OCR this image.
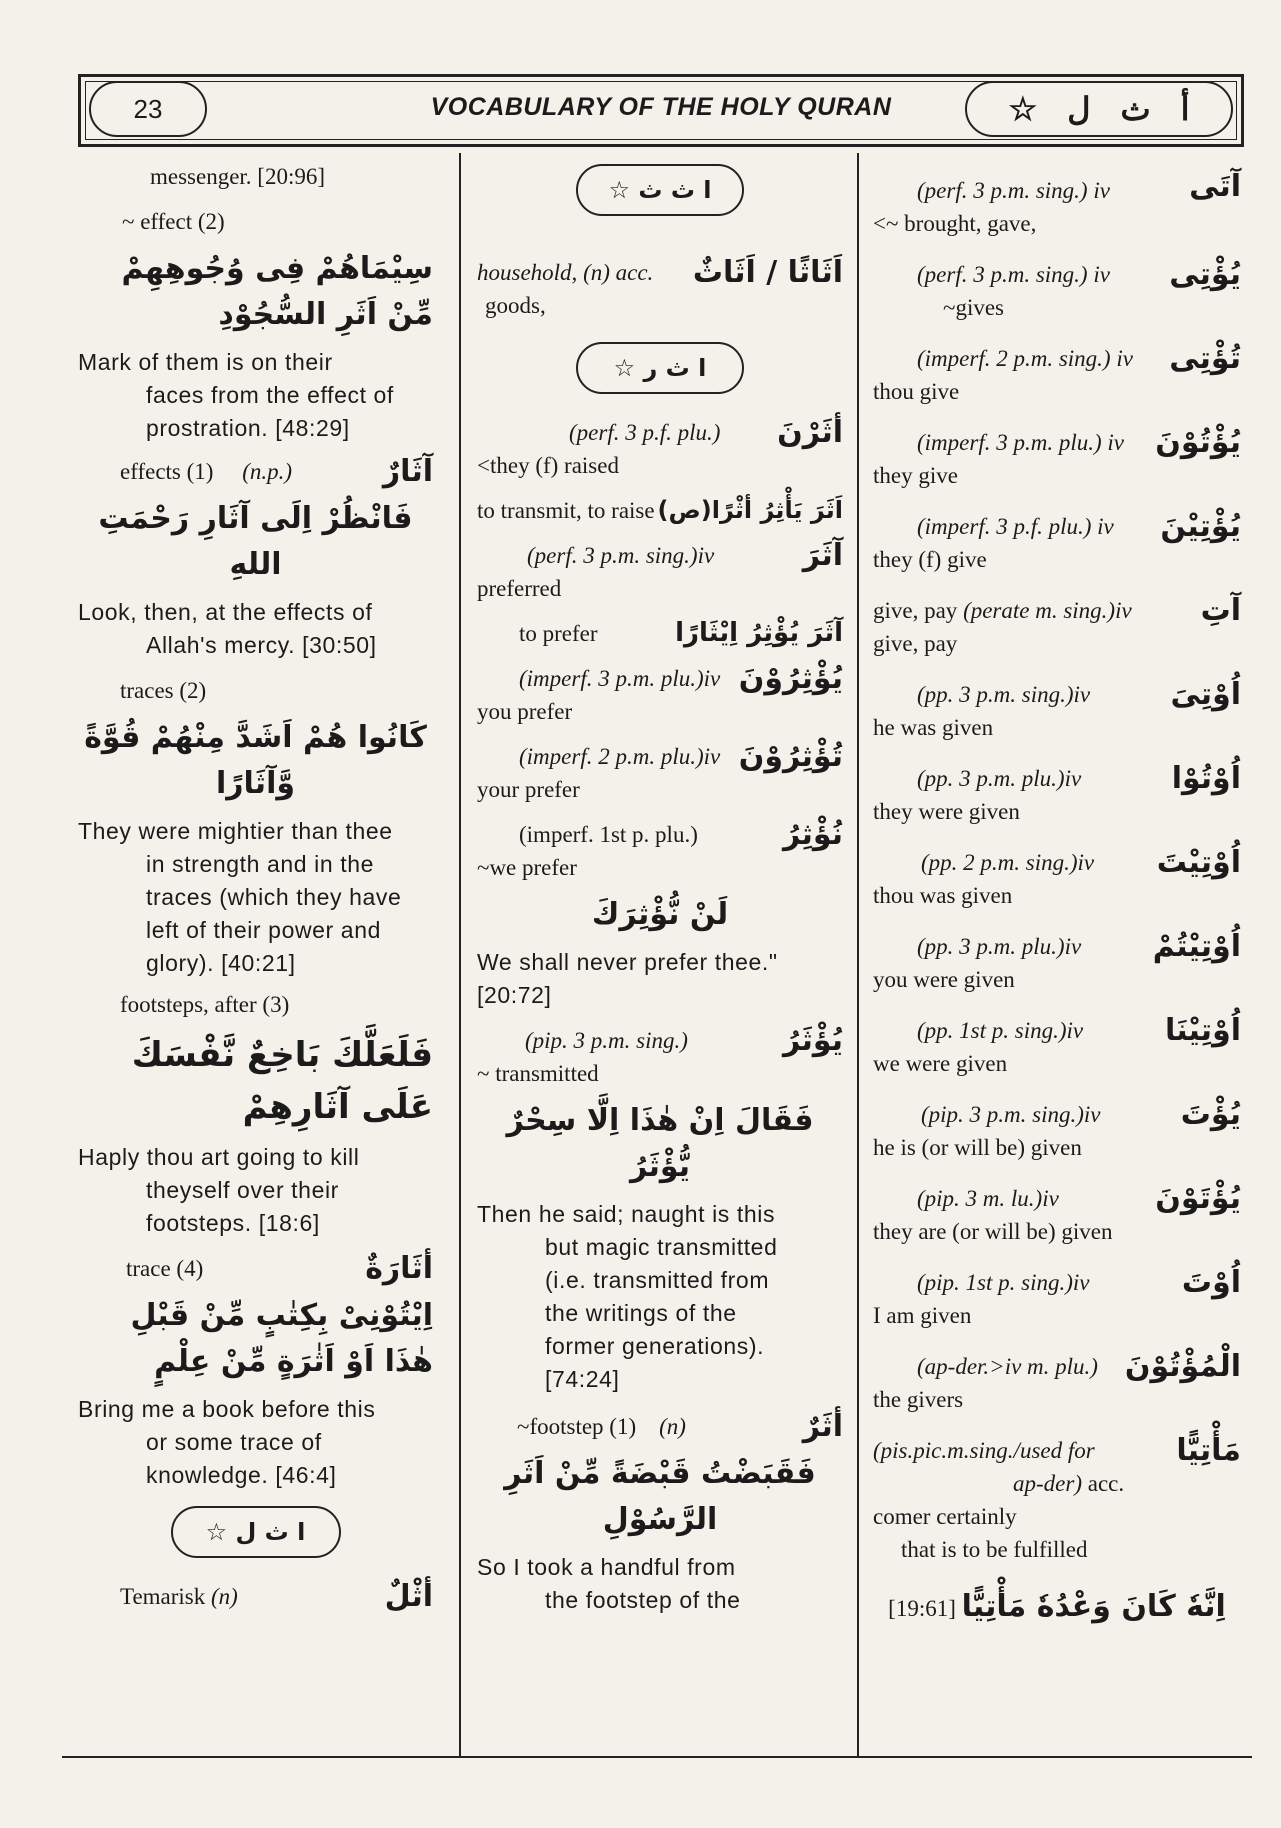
23	VOCABULARY OF THE HOLY QURAN	أ
ث
ل
☆
messenger. [20:96]
~ effect (2)
سِيْمَاهُمْ فِى وُجُوهِهِمْ مِّنْ اَثَرِ السُّجُوْدِ
Mark of them is on their
faces from the effect of
prostration. [48:29]
effects (1) (n.p.)	آثَارٌ
فَانْظُرْ اِلَى آثَارِ رَحْمَتِ اللهِ
Look, then, at the effects of
Allah's mercy. [30:50]
traces (2)
كَانُوا هُمْ اَشَدَّ مِنْهُمْ قُوَّةً وَّآثَارًا
They were mightier than thee
in strength and in the
traces (which they have
left of their power and
glory). [40:21]
footsteps, after (3)
فَلَعَلَّكَ بَاخِعٌ نَّفْسَكَ عَلَى آثَارِهِمْ
Haply thou art going to kill
theyself over their
footsteps. [18:6]
trace (4)	أثَارَةٌ
اِيْتُوْنِىْ بِكِتٰبٍ مِّنْ قَبْلِ هٰذَا اَوْ اَثٰرَةٍ مِّنْ عِلْمٍ
Bring me a book before this
or some trace of
knowledge. [46:4]
ا ث ل ☆
Temarisk (n)	أثْلٌ
ا ث ث ☆
household, (n) acc.
goods,
اَثَاثًا / اَثَاثٌ
ا ث ر ☆
(perf. 3 p.f. plu.)
<they (f) raised
أثَرْنَ
to transmit, to raise اَثَرَ يَأْثِرُ أثْرًا(ص)
(perf. 3 p.m. sing.)iv
preferred
آثَرَ
to prefer	آثَرَ يُؤْثِرُ اِيْثَارًا
(imperf. 3 p.m. plu.)iv
you prefer
يُؤْثِرُوْنَ
(imperf. 2 p.m. plu.)iv
your prefer
تُؤْثِرُوْنَ
(imperf. 1st p. plu.)
~we prefer
نُؤْثِرُ
لَنْ نُّؤْثِرَكَ
We shall never prefer thee."
[20:72]
(pip. 3 p.m. sing.)
~ transmitted
يُؤْثَرُ
فَقَالَ اِنْ هٰذَا اِلَّا سِحْرٌ يُّؤْثَرُ
Then he said; naught is this
but magic transmitted
(i.e. transmitted from
the writings of the
former generations).
[74:24]
~footstep (1) (n)	أثَرٌ
فَقَبَضْتُ قَبْضَةً مِّنْ اَثَرِ الرَّسُوْلِ
So I took a handful from
the footstep of the
(perf. 3 p.m. sing.) iv
<~ brought, gave,
آتَى
(perf. 3 p.m. sing.) iv
~gives
يُؤْتِى
(imperf. 2 p.m. sing.) iv
thou give
تُؤْتِى
(imperf. 3 p.m. plu.) iv
they give
يُؤْتُوْنَ
(imperf. 3 p.f. plu.) iv
they (f) give
يُؤْتِيْنَ
give, pay (perate m. sing.)iv
give, pay
آتِ
(pp. 3 p.m. sing.)iv
he was given
اُوْتِىَ
(pp. 3 p.m. plu.)iv
they were given
اُوْتُوْا
(pp. 2 p.m. sing.)iv
thou was given
اُوْتِيْتَ
(pp. 3 p.m. plu.)iv
you were given
اُوْتِيْتُمْ
(pp. 1st p. sing.)iv
we were given
اُوْتِيْنَا
(pip. 3 p.m. sing.)iv
he is (or will be) given
يُؤْتَ
(pip. 3 m. lu.)iv
they are (or will be) given
يُؤْتَوْنَ
(pip. 1st p. sing.)iv
I am given
اُوْتَ
(ap-der.>iv m. plu.)
the givers
الْمُؤْتُوْنَ
(pis.pic.m.sing./used for
ap-der) acc.
comer certainly
that is to be fulfilled
مَأْتِيًّا
[19:61] اِنَّهٗ كَانَ وَعْدُهٗ مَأْتِيًّا
